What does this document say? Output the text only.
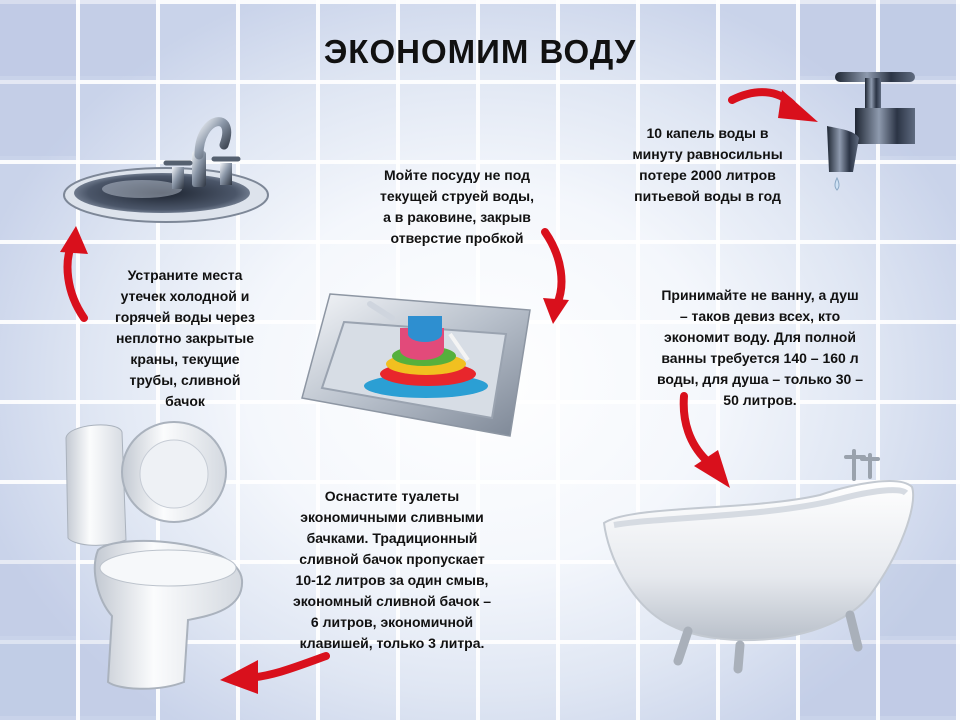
ЭКОНОМИМ ВОДУ
Устраните места
утечек холодной и
горячей воды через
неплотно закрытые
краны, текущие
трубы, сливной
бачок
Мойте посуду не под
текущей струей воды,
а в раковине, закрыв
отверстие пробкой
10 капель воды в
минуту равносильны
потере 2000 литров
питьевой воды в год
Принимайте не ванну, а душ
– таков девиз всех, кто
экономит воду. Для полной
ванны требуется 140 – 160 л
воды, для душа – только 30 –
50 литров.
Оснастите туалеты
экономичными сливными
бачками. Традиционный
сливной бачок пропускает
10-12 литров за один смыв,
экономный сливной бачок –
6 литров, экономичной
клавишей, только 3 литра.
